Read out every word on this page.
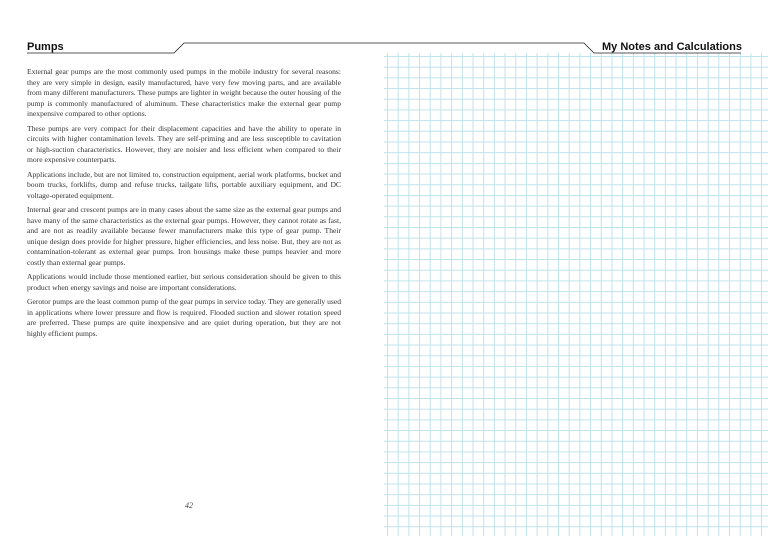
Pumps	My Notes and Calculations

External gear pumps are the most commonly used pumps in the mobile industry for several reasons: they are very simple in design, easily manufactured, have very few moving parts, and are available from many different manufacturers. These pumps are lighter in weight because the outer housing of the pump is commonly manufactured of aluminum. These characteristics make the external gear pump inexpensive compared to other options.

These pumps are very compact for their displacement capacities and have the ability to operate in circuits with higher contamination levels. They are self-priming and are less susceptible to cavitation or high-suction characteristics. However, they are noisier and less efficient when compared to their more expensive counterparts.

Applications include, but are not limited to, construction equipment, aerial work platforms, bucket and boom trucks, forklifts, dump and refuse trucks, tailgate lifts, portable auxiliary equipment, and DC voltage-operated equipment.

Internal gear and crescent pumps are in many cases about the same size as the external gear pumps and have many of the same characteristics as the external gear pumps. However, they cannot rotate as fast, and are not as readily available because fewer manufacturers make this type of gear pump. Their unique design does provide for higher pressure, higher efficiencies, and less noise. But, they are not as contamination-tolerant as external gear pumps. Iron housings make these pumps heavier and more costly than external gear pumps.

Applications would include those mentioned earlier, but serious consideration should be given to this product when energy savings and noise are important considerations.

Gerotor pumps are the least common pump of the gear pumps in service today. They are generally used in applications where lower pressure and flow is required. Flooded suction and slower rotation speed are preferred. These pumps are quite inexpensive and are quiet during operation, but they are not highly efficient pumps.

42
